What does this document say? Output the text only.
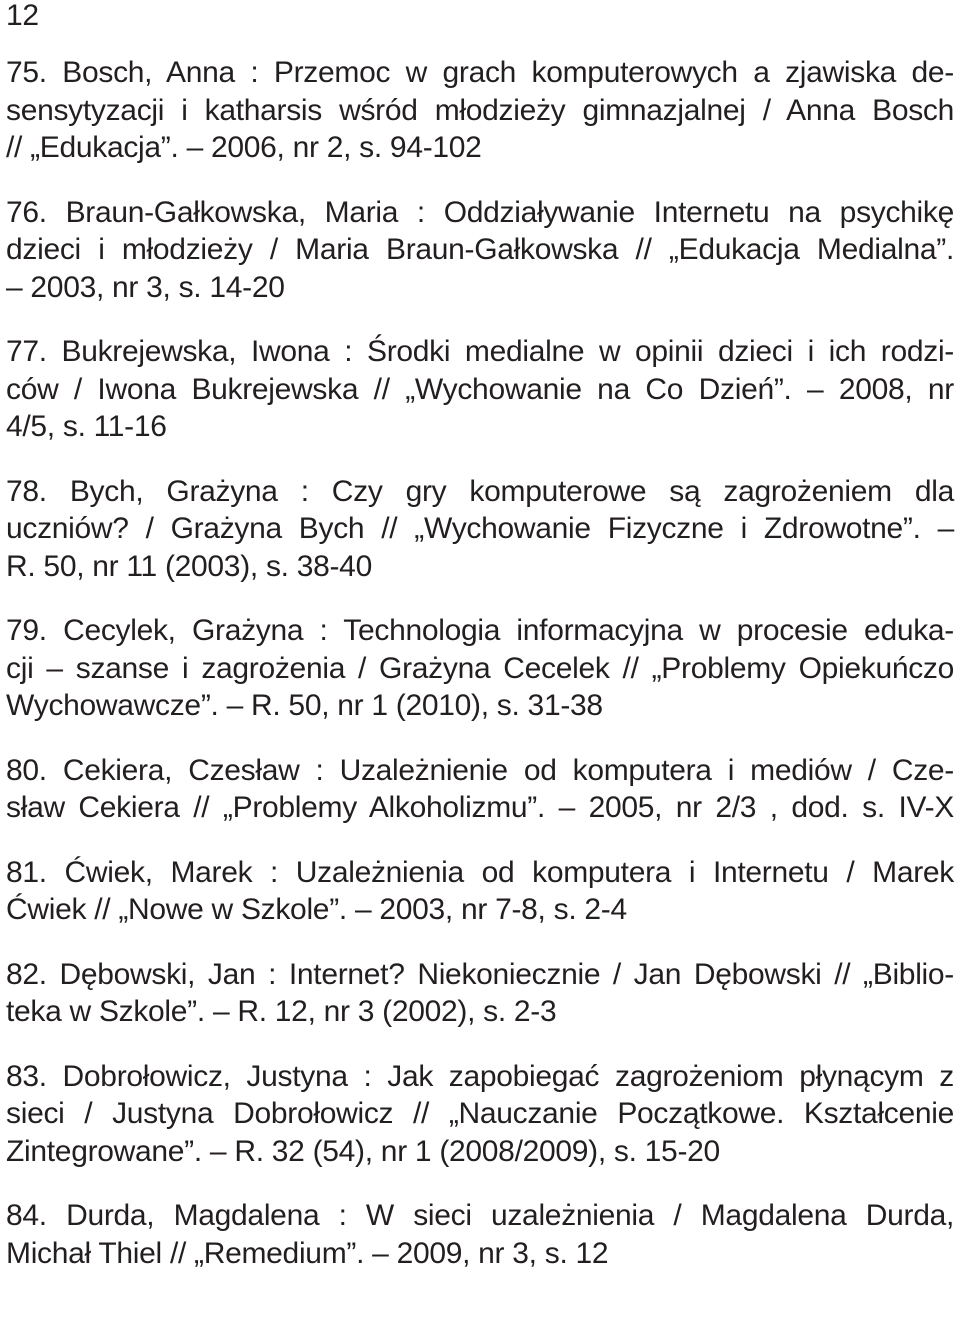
12
75. Bosch, Anna : Przemoc w grach komputerowych a zjawiska de-
sensytyzacji i katharsis wśród młodzieży gimnazjalnej / Anna Bosch
// „Edukacja”. – 2006, nr 2, s. 94-102
76. Braun-Gałkowska, Maria : Oddziaływanie Internetu na psychikę
dzieci i młodzieży / Maria Braun-Gałkowska // „Edukacja Medialna”.
– 2003, nr 3, s. 14-20
77. Bukrejewska, Iwona : Środki medialne w opinii dzieci i ich rodzi-
ców / Iwona Bukrejewska // „Wychowanie na Co Dzień”. – 2008, nr
4/5, s. 11-16
78. Bych, Grażyna : Czy gry komputerowe są zagrożeniem dla
uczniów? / Grażyna Bych // „Wychowanie Fizyczne i Zdrowotne”. –
R. 50, nr 11 (2003), s. 38-40
79. Cecylek, Grażyna : Technologia informacyjna w procesie eduka-
cji – szanse i zagrożenia / Grażyna Cecelek // „Problemy Opiekuńczo
Wychowawcze”. – R. 50, nr 1 (2010), s. 31-38
80. Cekiera, Czesław : Uzależnienie od komputera i mediów / Cze-
sław Cekiera // „Problemy Alkoholizmu”. – 2005, nr 2/3 , dod. s. IV-X
81. Ćwiek, Marek : Uzależnienia od komputera i Internetu / Marek
Ćwiek // „Nowe w Szkole”. – 2003, nr 7-8, s. 2-4
82. Dębowski, Jan : Internet? Niekoniecznie / Jan Dębowski // „Biblio-
teka w Szkole”. – R. 12, nr 3 (2002), s. 2-3
83. Dobrołowicz, Justyna : Jak zapobiegać zagrożeniom płynącym z
sieci / Justyna Dobrołowicz // „Nauczanie Początkowe. Kształcenie
Zintegrowane”. – R. 32 (54), nr 1 (2008/2009), s. 15-20
84. Durda, Magdalena : W sieci uzależnienia / Magdalena Durda,
Michał Thiel // „Remedium”. – 2009, nr 3, s. 12
